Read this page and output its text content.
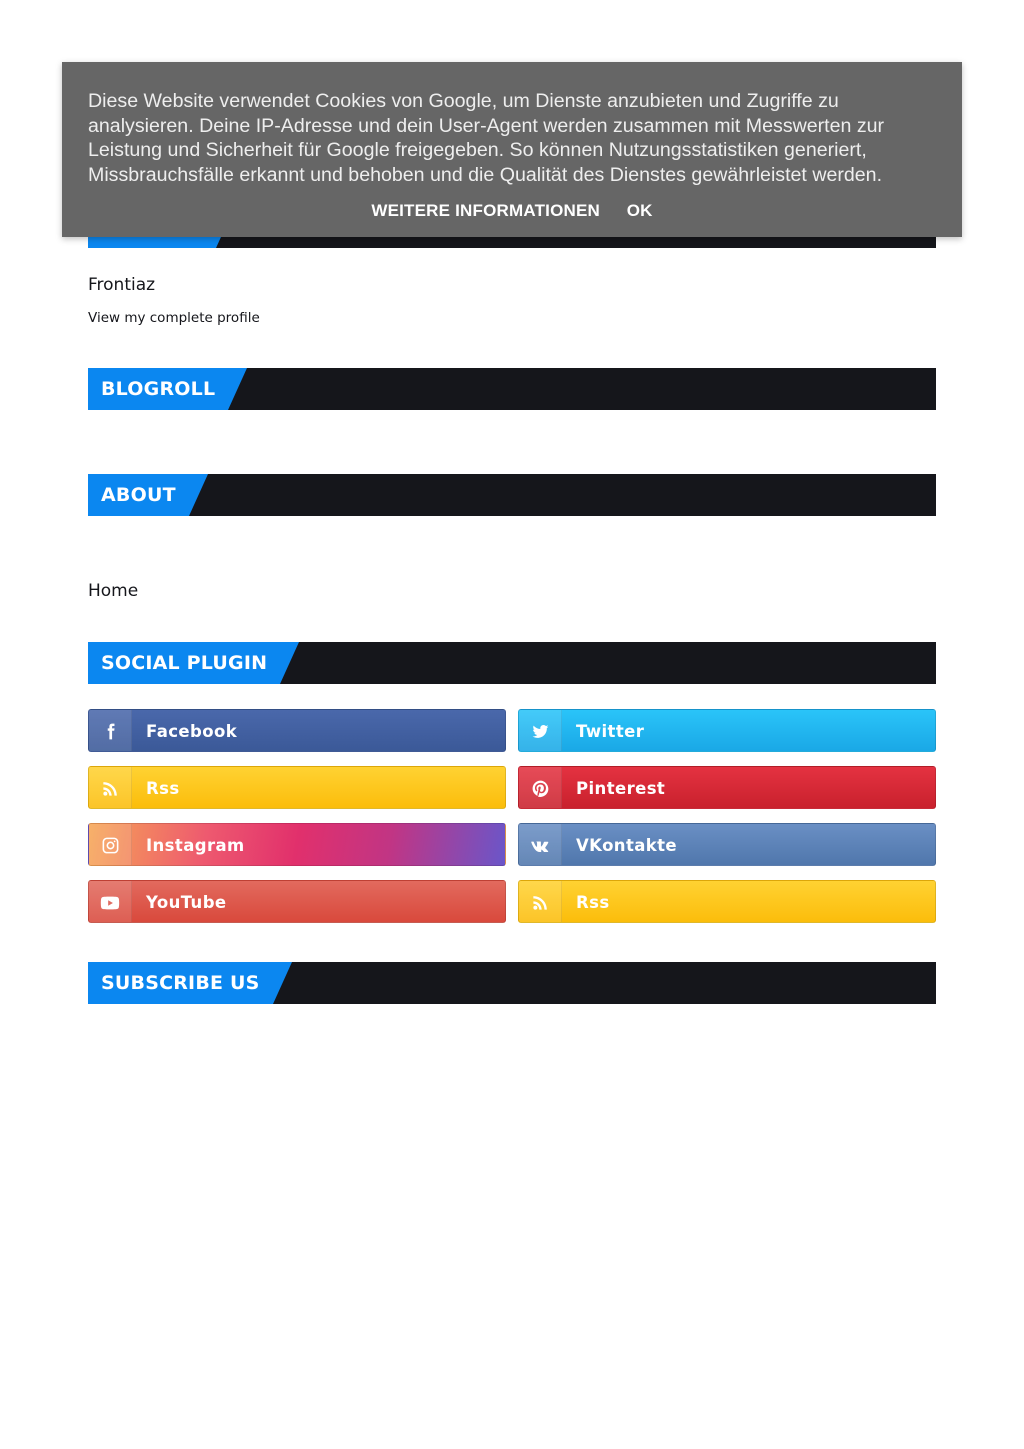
Frontiaz
View my complete profile
BLOGROLL
ABOUT
Home
SOCIAL PLUGIN
Facebook	Twitter
Rss	Pinterest
Instagram	VKontakte
YouTube	Rss
SUBSCRIBE US
Diese Website verwendet Cookies von Google, um Dienste anzubieten und Zugriffe zu analysieren. Deine IP-Adresse und dein User-Agent werden zusammen mit Messwerten zur Leistung und Sicherheit für Google freigegeben. So können Nutzungsstatistiken generiert, Missbrauchsfälle erkannt und behoben und die Qualität des Dienstes gewährleistet werden.
WEITERE INFORMATIONEN OK
